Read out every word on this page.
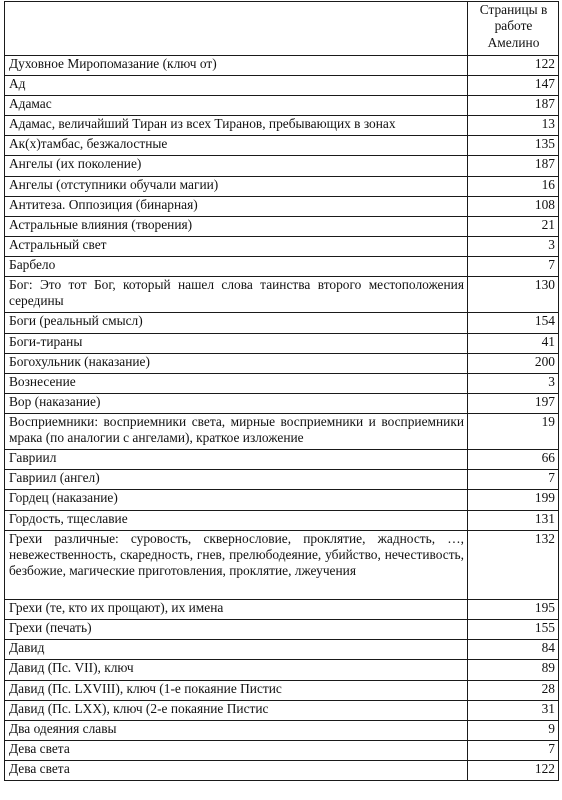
	Страницы в работе Амелино
Духовное Миропомазание (ключ от)	122
Ад	147
Адамас	187
Адамас, величайший Тиран из всех Тиранов, пребывающих в зонах	13
Ак(х)тамбас, безжалостные	135
Ангелы (их поколение)	187
Ангелы (отступники обучали магии)	16
Антитеза. Оппозиция (бинарная)	108
Астральные влияния (творения)	21
Астральный свет	3
Барбело	7
Бог: Это тот Бог, который нашел слова таинства второго местоположения середины	130
Боги (реальный смысл)	154
Боги-тираны	41
Богохульник (наказание)	200
Вознесение	3
Вор (наказание)	197
Восприемники: восприемники света, мирные восприемники и восприемники мрака (по аналогии с ангелами), краткое изложение	19
Гавриил	66
Гавриил (ангел)	7
Гордец (наказание)	199
Гордость, тщеславие	131
Грехи различные: суровость, сквернословие, проклятие, жадность, …, невежественность, скаредность, гнев, прелюбодеяние, убийство, нечестивость, безбожие, магические приготовления, проклятие, лжеучения	132
Грехи (те, кто их прощают), их имена	195
Грехи (печать)	155
Давид	84
Давид (Пс. VII), ключ	89
Давид (Пс. LXVIII), ключ (1-е покаяние Пистис	28
Давид (Пс. LXX), ключ (2-е покаяние Пистис	31
Два одеяния славы	9
Дева света	7
Дева света	122
